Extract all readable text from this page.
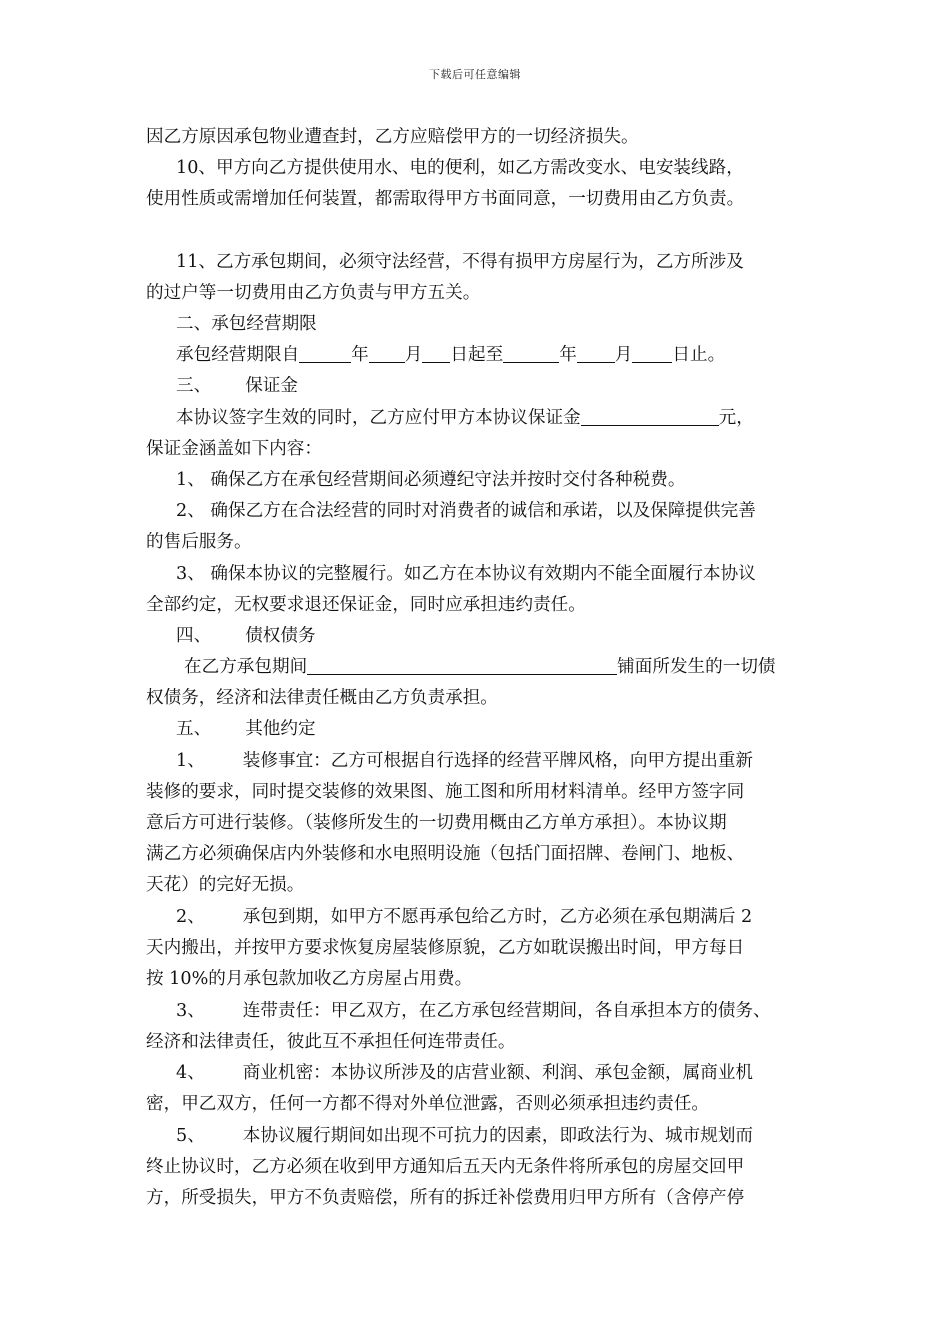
下载后可任意编辑
因乙方原因承包物业遭查封，乙方应赔偿甲方的一切经济损失。
10、甲方向乙方提供使用水、电的便利，如乙方需改变水、电安装线路，
使用性质或需增加任何装置，都需取得甲方书面同意，一切费用由乙方负责。
11、乙方承包期间，必须守法经营，不得有损甲方房屋行为，乙方所涉及
的过户等一切费用由乙方负责与甲方五关。
二、承包经营期限
承包经营期限自	年 月 日起至	年 月 日止。
三、 保证金
本协议签字生效的同时，乙方应付甲方本协议保证金	元，
保证金涵盖如下内容：
1、 确保乙方在承包经营期间必须遵纪守法并按时交付各种税费。
2、 确保乙方在合法经营的同时对消费者的诚信和承诺，以及保障提供完善
的售后服务。
3、 确保本协议的完整履行。如乙方在本协议有效期内不能全面履行本协议
全部约定，无权要求退还保证金，同时应承担违约责任。
四、 债权债务
在乙方承包期间	铺面所发生的一切债
权债务，经济和法律责任概由乙方负责承担。
五、 其他约定
1、 装修事宜：乙方可根据自行选择的经营平牌风格，向甲方提出重新
装修的要求，同时提交装修的效果图、施工图和所用材料清单。经甲方签字同
意后方可进行装修。（装修所发生的一切费用概由乙方单方承担）。本协议期
满乙方必须确保店内外装修和水电照明设施（包括门面招牌、卷闸门、地板、
天花）的完好无损。
2、 承包到期，如甲方不愿再承包给乙方时，乙方必须在承包期满后 2
天内搬出，并按甲方要求恢复房屋装修原貌，乙方如耽误搬出时间，甲方每日
按 10%的月承包款加收乙方房屋占用费。
3、 连带责任：甲乙双方，在乙方承包经营期间，各自承担本方的债务、
经济和法律责任，彼此互不承担任何连带责任。
4、 商业机密：本协议所涉及的店营业额、利润、承包金额，属商业机
密，甲乙双方，任何一方都不得对外单位泄露，否则必须承担违约责任。
5、 本协议履行期间如出现不可抗力的因素，即政法行为、城市规划而
终止协议时，乙方必须在收到甲方通知后五天内无条件将所承包的房屋交回甲
方，所受损失，甲方不负责赔偿，所有的拆迁补偿费用归甲方所有（含停产停
